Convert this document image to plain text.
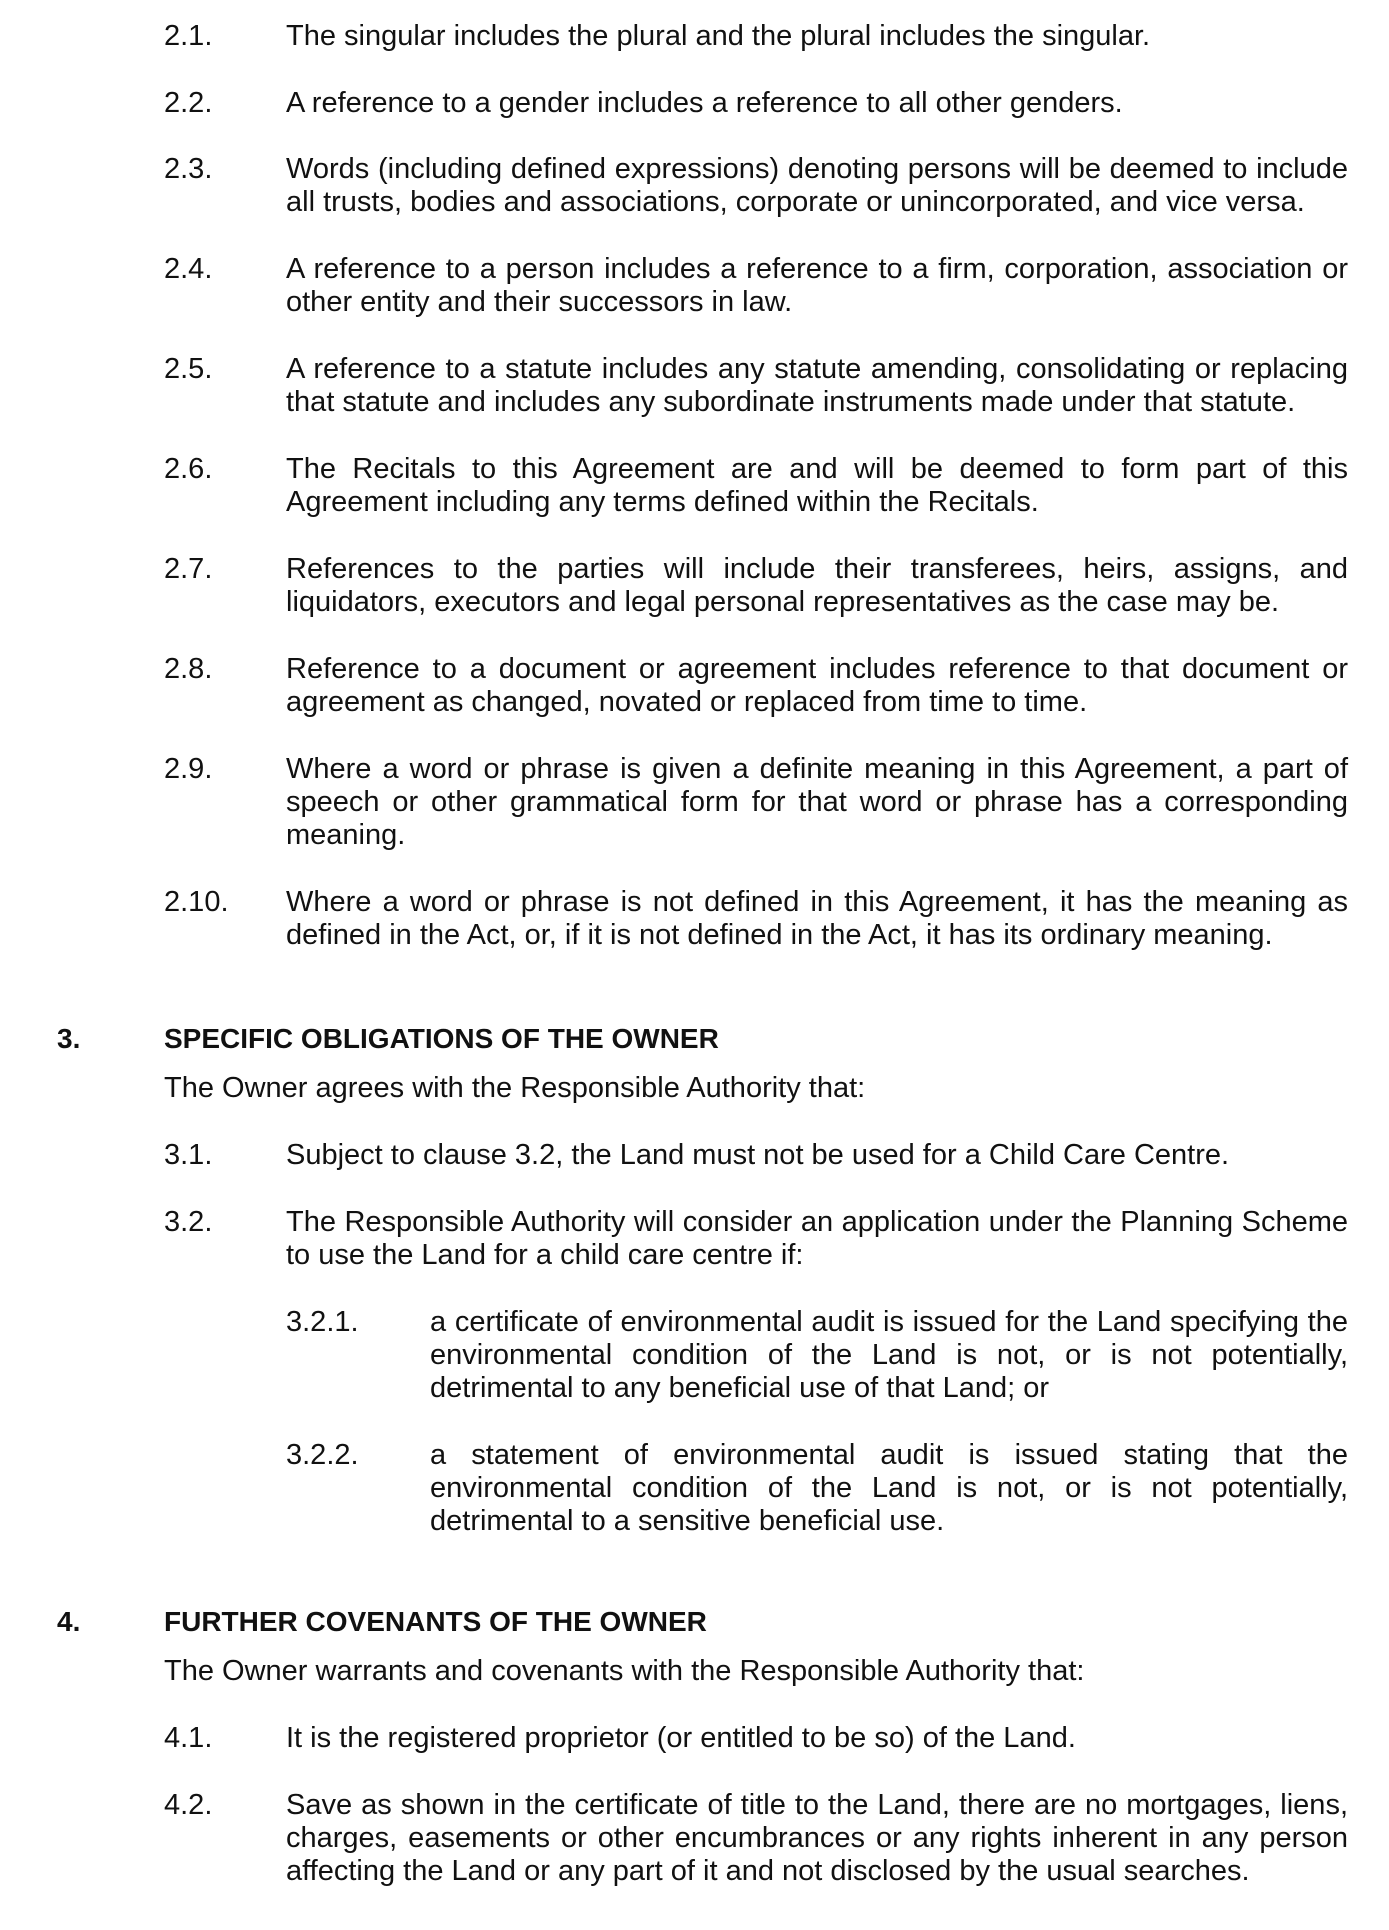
2.1.	The singular includes the plural and the plural includes the singular.
2.2.	A reference to a gender includes a reference to all other genders.
2.3.	Words (including defined expressions) denoting persons will be deemed to include all trusts, bodies and associations, corporate or unincorporated, and vice versa.
2.4.	A reference to a person includes a reference to a firm, corporation, association or other entity and their successors in law.
2.5.	A reference to a statute includes any statute amending, consolidating or replacing that statute and includes any subordinate instruments made under that statute.
2.6.	The Recitals to this Agreement are and will be deemed to form part of this Agreement including any terms defined within the Recitals.
2.7.	References to the parties will include their transferees, heirs, assigns, and liquidators, executors and legal personal representatives as the case may be.
2.8.	Reference to a document or agreement includes reference to that document or agreement as changed, novated or replaced from time to time.
2.9.	Where a word or phrase is given a definite meaning in this Agreement, a part of speech or other grammatical form for that word or phrase has a corresponding meaning.
2.10. Where a word or phrase is not defined in this Agreement, it has the meaning as defined in the Act, or, if it is not defined in the Act, it has its ordinary meaning.
3.	SPECIFIC OBLIGATIONS OF THE OWNER
The Owner agrees with the Responsible Authority that:
3.1.	Subject to clause 3.2, the Land must not be used for a Child Care Centre.
3.2.	The Responsible Authority will consider an application under the Planning Scheme to use the Land for a child care centre if:
3.2.1. a certificate of environmental audit is issued for the Land specifying the environmental condition of the Land is not, or is not potentially, detrimental to any beneficial use of that Land; or
3.2.2. a statement of environmental audit is issued stating that the environmental condition of the Land is not, or is not potentially, detrimental to a sensitive beneficial use.
4.	FURTHER COVENANTS OF THE OWNER
The Owner warrants and covenants with the Responsible Authority that:
4.1.	It is the registered proprietor (or entitled to be so) of the Land.
4.2.	Save as shown in the certificate of title to the Land, there are no mortgages, liens, charges, easements or other encumbrances or any rights inherent in any person affecting the Land or any part of it and not disclosed by the usual searches.
